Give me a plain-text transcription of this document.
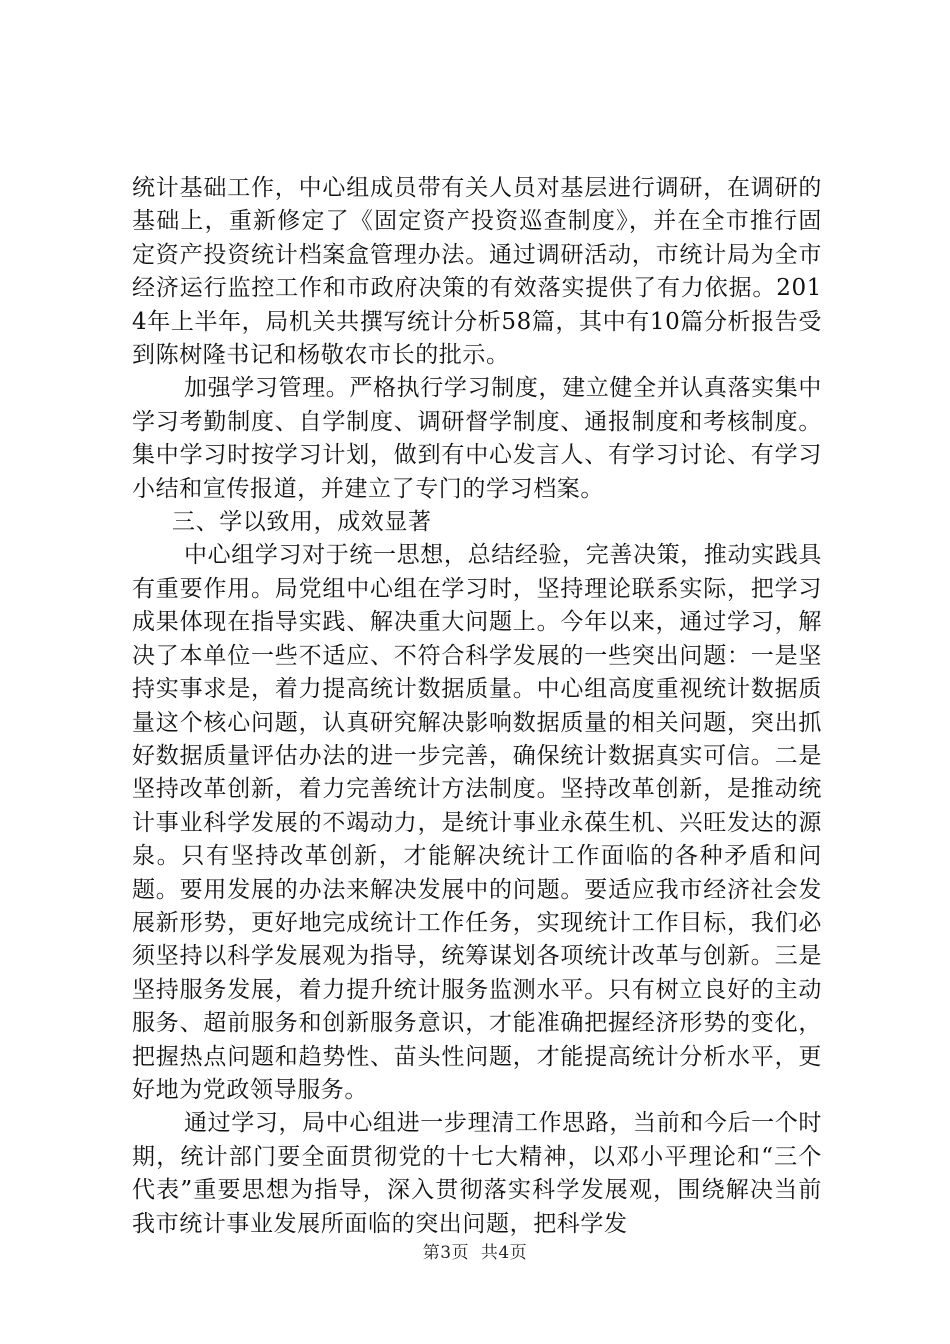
统计基础工作，中心组成员带有关人员对基层进行调研，在调研的基础上，重新修定了《固定资产投资巡查制度》，并在全市推行固定资产投资统计档案盒管理办法。通过调研活动，市统计局为全市经济运行监控工作和市政府决策的有效落实提供了有力依据。2014年上半年，局机关共撰写统计分析58篇，其中有10篇分析报告受到陈树隆书记和杨敬农市长的批示。

加强学习管理。严格执行学习制度，建立健全并认真落实集中学习考勤制度、自学制度、调研督学制度、通报制度和考核制度。集中学习时按学习计划，做到有中心发言人、有学习讨论、有学习小结和宣传报道，并建立了专门的学习档案。

三、学以致用，成效显著

中心组学习对于统一思想，总结经验，完善决策，推动实践具有重要作用。局党组中心组在学习时，坚持理论联系实际，把学习成果体现在指导实践、解决重大问题上。今年以来，通过学习，解决了本单位一些不适应、不符合科学发展的一些突出问题：一是坚持实事求是，着力提高统计数据质量。中心组高度重视统计数据质量这个核心问题，认真研究解决影响数据质量的相关问题，突出抓好数据质量评估办法的进一步完善，确保统计数据真实可信。二是坚持改革创新，着力完善统计方法制度。坚持改革创新，是推动统计事业科学发展的不竭动力，是统计事业永葆生机、兴旺发达的源泉。只有坚持改革创新，才能解决统计工作面临的各种矛盾和问题。要用发展的办法来解决发展中的问题。要适应我市经济社会发展新形势，更好地完成统计工作任务，实现统计工作目标，我们必须坚持以科学发展观为指导，统筹谋划各项统计改革与创新。三是坚持服务发展，着力提升统计服务监测水平。只有树立良好的主动服务、超前服务和创新服务意识，才能准确把握经济形势的变化，把握热点问题和趋势性、苗头性问题，才能提高统计分析水平，更好地为党政领导服务。

通过学习，局中心组进一步理清工作思路，当前和今后一个时期，统计部门要全面贯彻党的十七大精神，以邓小平理论和“三个代表”重要思想为指导，深入贯彻落实科学发展观，围绕解决当前我市统计事业发展所面临的突出问题，把科学发

第3页  共4页
